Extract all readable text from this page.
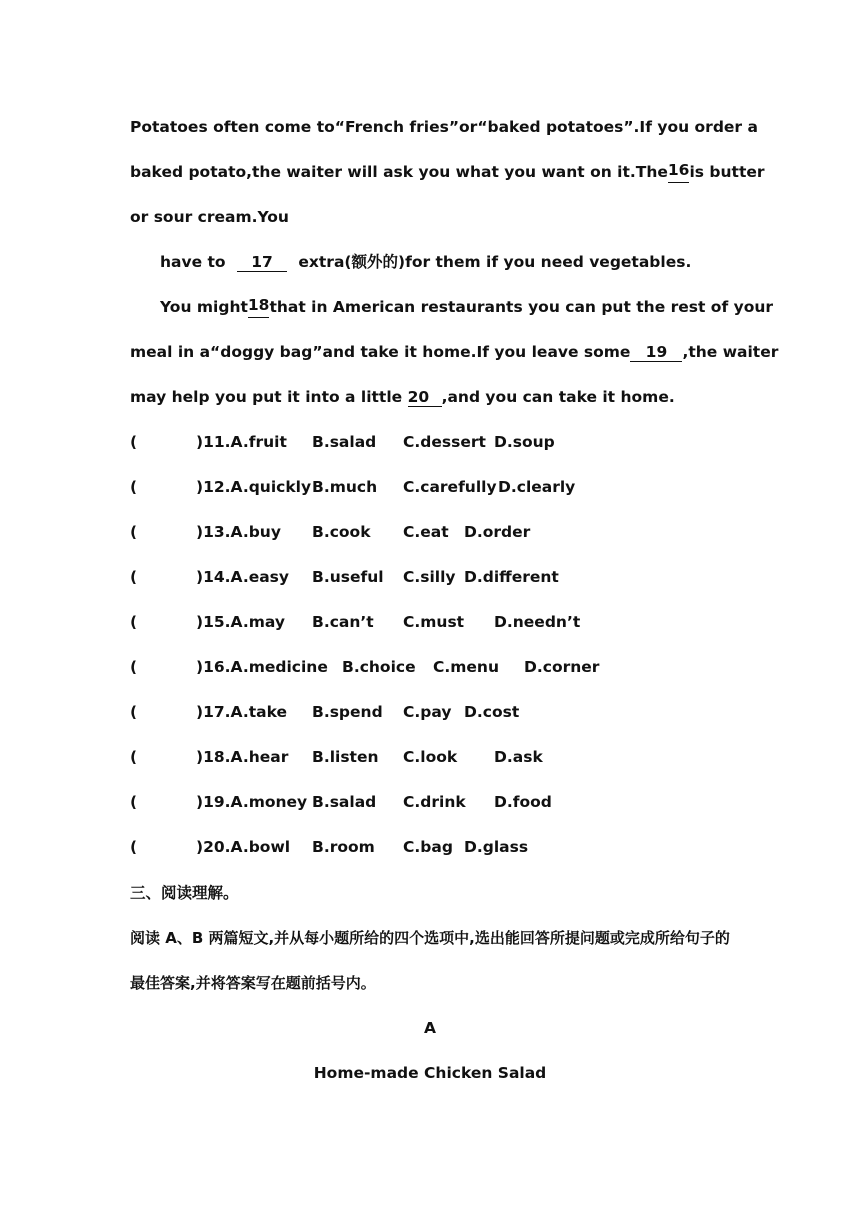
Potatoes often come to “French fries” or “baked potatoes”.If you order a
baked potato,the waiter will ask you what you want on it.The 16 is butter
or sour cream.You
have to 17 extra(额外的)for them if you need vegetables.
You might 18 that in American restaurants you can put the rest of your
meal in a “doggy bag” and take it home.If you leave some 19 ,the waiter
may help you put it into a little 20 ,and you can take it home.
(	)11.A.fruit B.salad C.dessert D.soup
(	)12.A.quickly B.much C.carefully D.clearly
(	)13.A.buy B.cook C.eat D.order
(	)14.A.easy B.useful C.silly D.different
(	)15.A.may B.can’t C.must D.needn’t
(	)16.A.medicine B.choice C.menu D.corner
(	)17.A.take B.spend C.pay D.cost
(	)18.A.hear B.listen C.look D.ask
(	)19.A.money B.salad C.drink D.food
(	)20.A.bowl B.room C.bag D.glass
三、阅读理解。
阅读 A、B 两篇短文,并从每小题所给的四个选项中,选出能回答所提问题或完成所给句子的
最佳答案,并将答案写在题前括号内。
A
Home-made Chicken Salad
